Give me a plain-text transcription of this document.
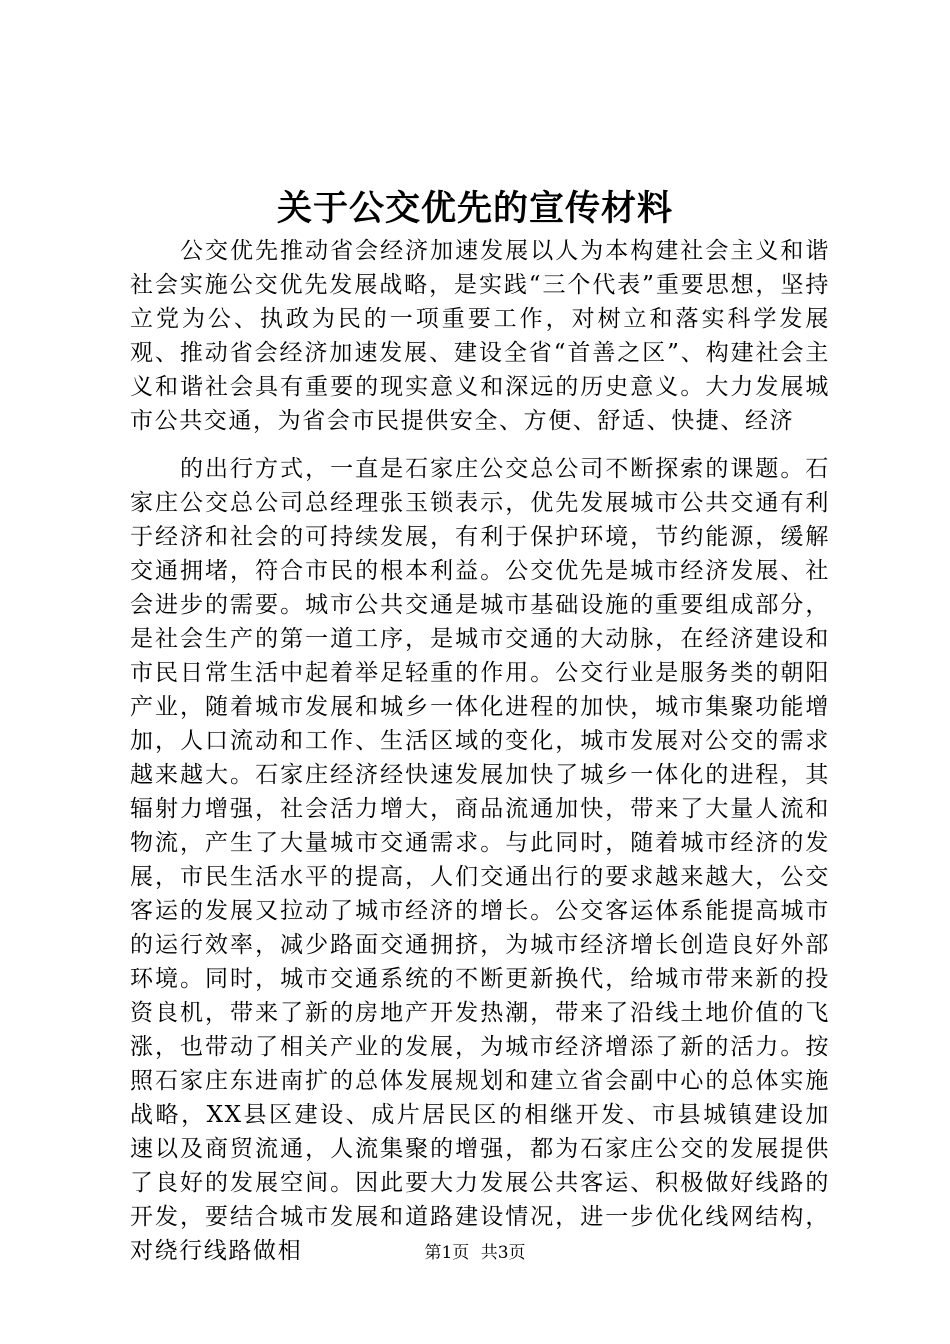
关于公交优先的宣传材料

公交优先推动省会经济加速发展以人为本构建社会主义和谐社会实施公交优先发展战略，是实践“三个代表”重要思想，坚持立党为公、执政为民的一项重要工作，对树立和落实科学发展观、推动省会经济加速发展、建设全省“首善之区”、构建社会主义和谐社会具有重要的现实意义和深远的历史意义。大力发展城市公共交通，为省会市民提供安全、方便、舒适、快捷、经济

的出行方式，一直是石家庄公交总公司不断探索的课题。石家庄公交总公司总经理张玉锁表示，优先发展城市公共交通有利于经济和社会的可持续发展，有利于保护环境，节约能源，缓解交通拥堵，符合市民的根本利益。公交优先是城市经济发展、社会进步的需要。城市公共交通是城市基础设施的重要组成部分，是社会生产的第一道工序，是城市交通的大动脉，在经济建设和市民日常生活中起着举足轻重的作用。公交行业是服务类的朝阳产业，随着城市发展和城乡一体化进程的加快，城市集聚功能增加，人口流动和工作、生活区域的变化，城市发展对公交的需求越来越大。石家庄经济经快速发展加快了城乡一体化的进程，其辐射力增强，社会活力增大，商品流通加快，带来了大量人流和物流，产生了大量城市交通需求。与此同时，随着城市经济的发展，市民生活水平的提高，人们交通出行的要求越来越大，公交客运的发展又拉动了城市经济的增长。公交客运体系能提高城市的运行效率，减少路面交通拥挤，为城市经济增长创造良好外部环境。同时，城市交通系统的不断更新换代，给城市带来新的投资良机，带来了新的房地产开发热潮，带来了沿线土地价值的飞涨，也带动了相关产业的发展，为城市经济增添了新的活力。按照石家庄东进南扩的总体发展规划和建立省会副中心的总体实施战略，XX县区建设、成片居民区的相继开发、市县城镇建设加速以及商贸流通，人流集聚的增强，都为石家庄公交的发展提供了良好的发展空间。因此要大力发展公共客运、积极做好线路的开发，要结合城市发展和道路建设情况，进一步优化线网结构，对绕行线路做相	第1页 共3页
